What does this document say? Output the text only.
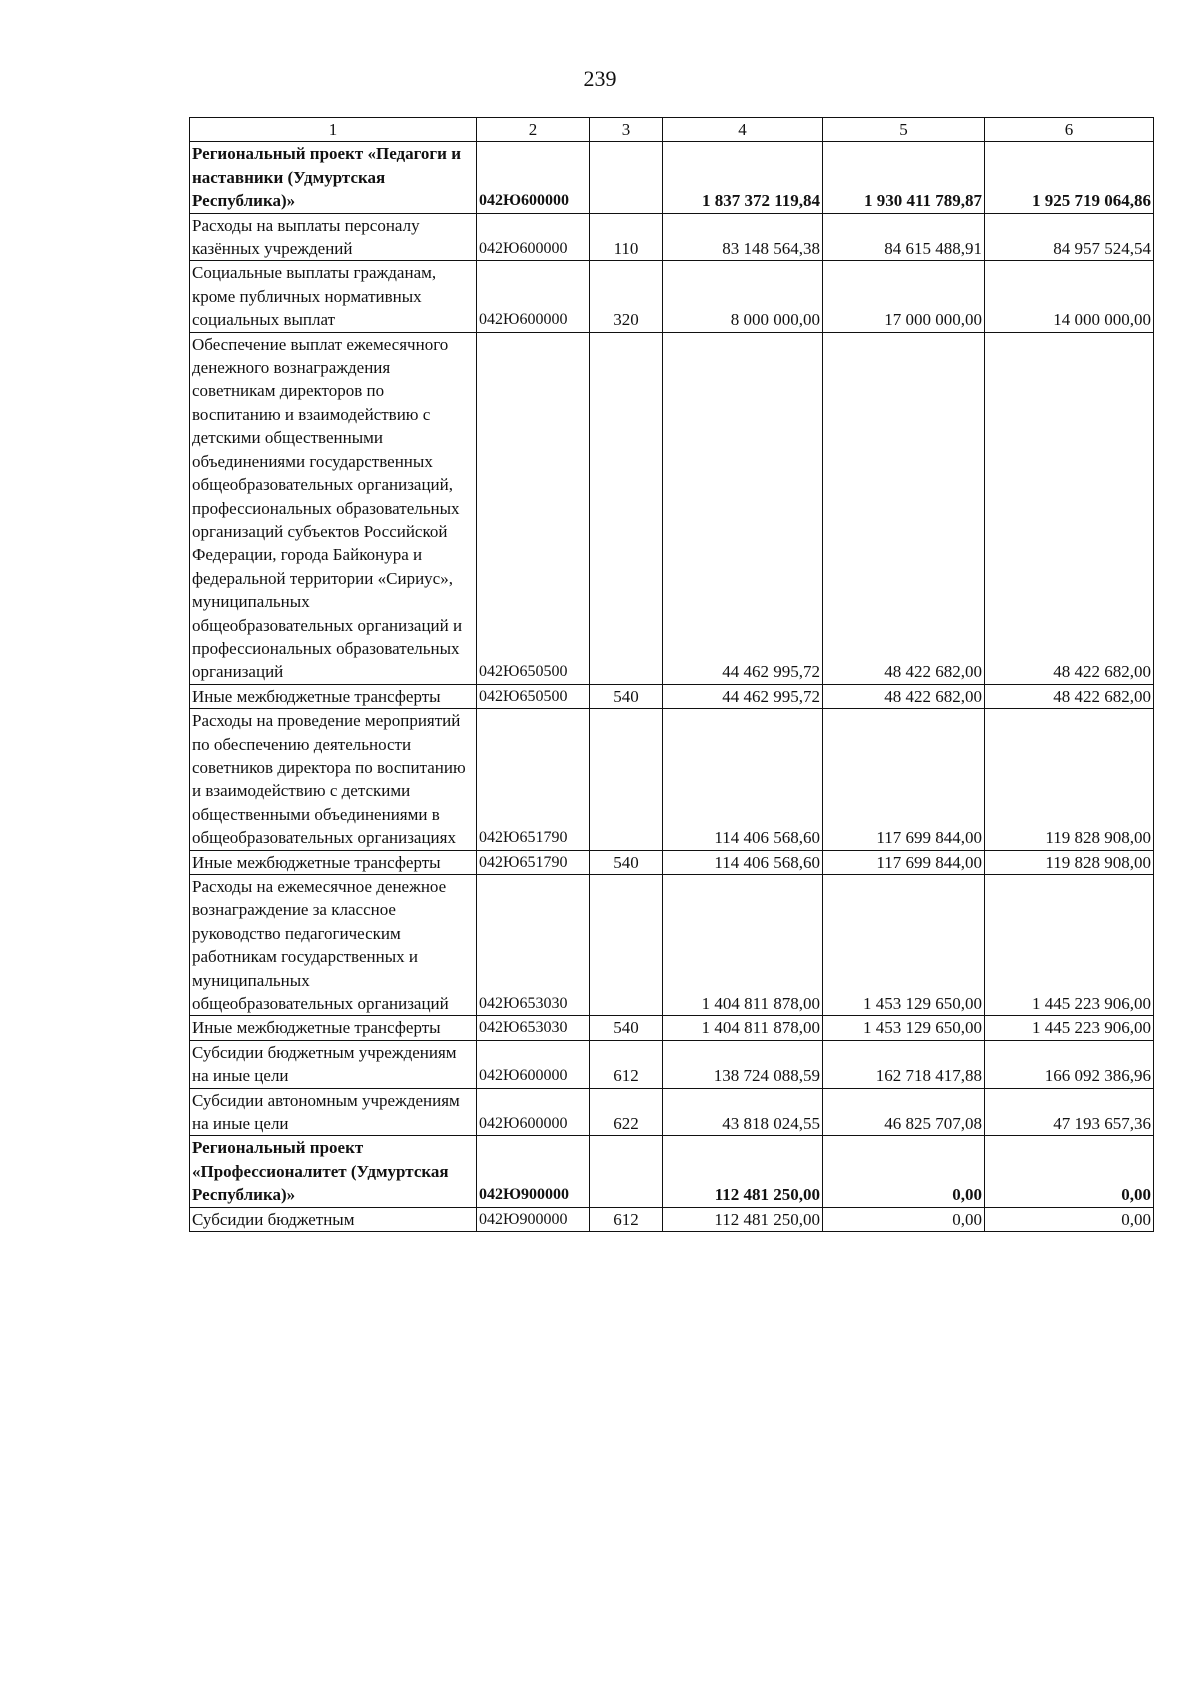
239
1	2	3	4	5	6
Региональный проект «Педагоги и наставники (Удмуртская Республика)»	042Ю600000		1 837 372 119,84	1 930 411 789,87	1 925 719 064,86
Расходы на выплаты персоналу казённых учреждений	042Ю600000	110	83 148 564,38	84 615 488,91	84 957 524,54
Социальные выплаты гражданам, кроме публичных нормативных социальных выплат	042Ю600000	320	8 000 000,00	17 000 000,00	14 000 000,00
Обеспечение выплат ежемесячного денежного вознаграждения советникам директоров по воспитанию и взаимодействию с детскими общественными объединениями государственных общеобразовательных организаций, профессиональных образовательных организаций субъектов Российской Федерации, города Байконура и федеральной территории «Сириус», муниципальных общеобразовательных организаций и профессиональных образовательных организаций	042Ю650500		44 462 995,72	48 422 682,00	48 422 682,00
Иные межбюджетные трансферты	042Ю650500	540	44 462 995,72	48 422 682,00	48 422 682,00
Расходы на проведение мероприятий по обеспечению деятельности советников директора по воспитанию и взаимодействию с детскими общественными объединениями в общеобразовательных организациях	042Ю651790		114 406 568,60	117 699 844,00	119 828 908,00
Иные межбюджетные трансферты	042Ю651790	540	114 406 568,60	117 699 844,00	119 828 908,00
Расходы на ежемесячное денежное вознаграждение за классное руководство педагогическим работникам государственных и муниципальных общеобразовательных организаций	042Ю653030		1 404 811 878,00	1 453 129 650,00	1 445 223 906,00
Иные межбюджетные трансферты	042Ю653030	540	1 404 811 878,00	1 453 129 650,00	1 445 223 906,00
Субсидии бюджетным учреждениям на иные цели	042Ю600000	612	138 724 088,59	162 718 417,88	166 092 386,96
Субсидии автономным учреждениям на иные цели	042Ю600000	622	43 818 024,55	46 825 707,08	47 193 657,36
Региональный проект «Профессионалитет (Удмуртская Республика)»	042Ю900000		112 481 250,00	0,00	0,00
Субсидии бюджетным	042Ю900000	612	112 481 250,00	0,00	0,00
